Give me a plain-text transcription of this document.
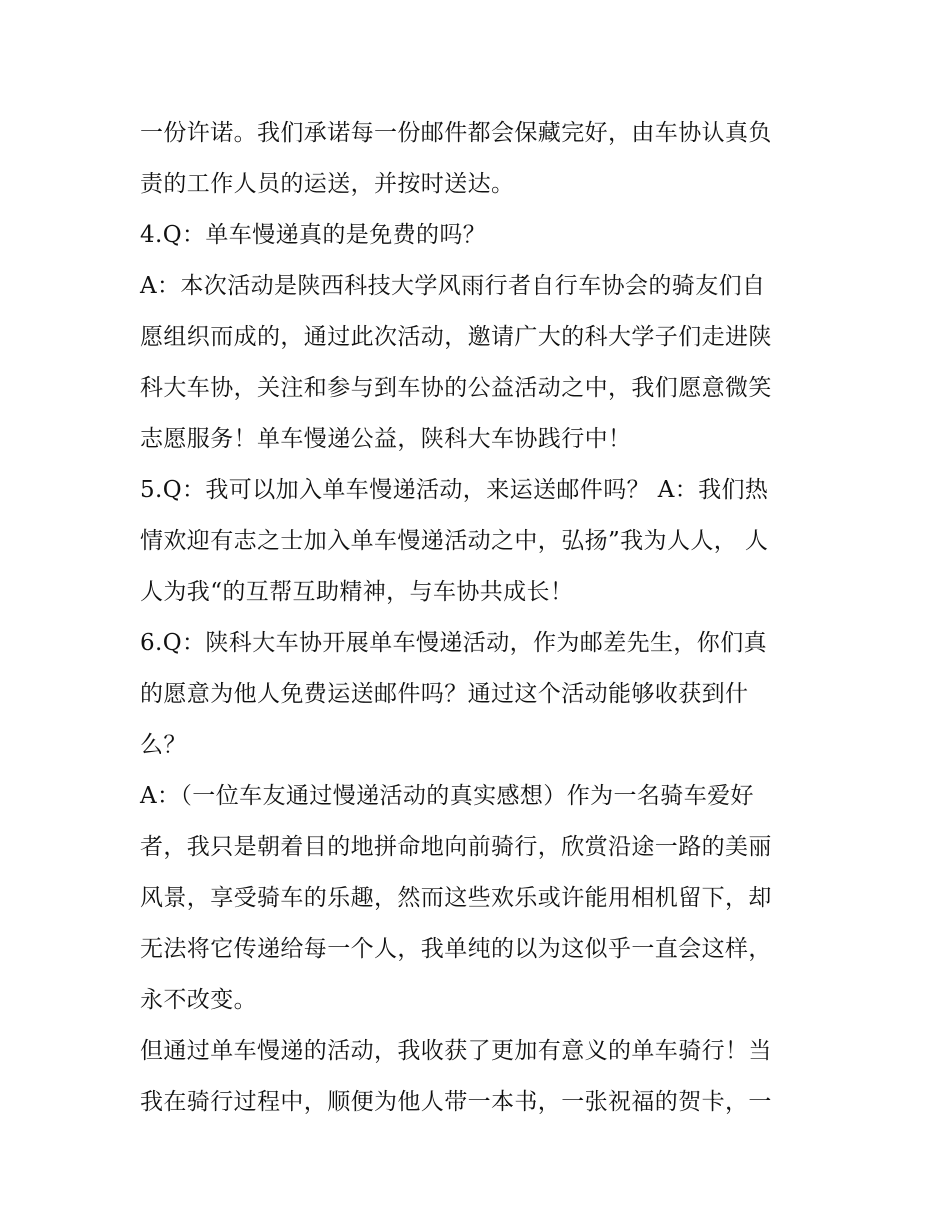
一份许诺。我们承诺每一份邮件都会保藏完好，由车协认真负
责的工作人员的运送，并按时送达。
4.Q：单车慢递真的是免费的吗？
A：本次活动是陕西科技大学风雨行者自行车协会的骑友们自
愿组织而成的，通过此次活动，邀请广大的科大学子们走进陕
科大车协，关注和参与到车协的公益活动之中，我们愿意微笑
志愿服务！单车慢递公益，陕科大车协践行中！
5.Q：我可以加入单车慢递活动，来运送邮件吗？ A：我们热
情欢迎有志之士加入单车慢递活动之中，弘扬”我为人人， 人
人为我“的互帮互助精神，与车协共成长！
6.Q：陕科大车协开展单车慢递活动，作为邮差先生，你们真
的愿意为他人免费运送邮件吗？通过这个活动能够收获到什
么？
A：（一位车友通过慢递活动的真实感想）作为一名骑车爱好
者，我只是朝着目的地拼命地向前骑行，欣赏沿途一路的美丽
风景，享受骑车的乐趣，然而这些欢乐或许能用相机留下，却
无法将它传递给每一个人，我单纯的以为这似乎一直会这样，
永不改变。
但通过单车慢递的活动，我收获了更加有意义的单车骑行！当
我在骑行过程中，顺便为他人带一本书，一张祝福的贺卡，一
